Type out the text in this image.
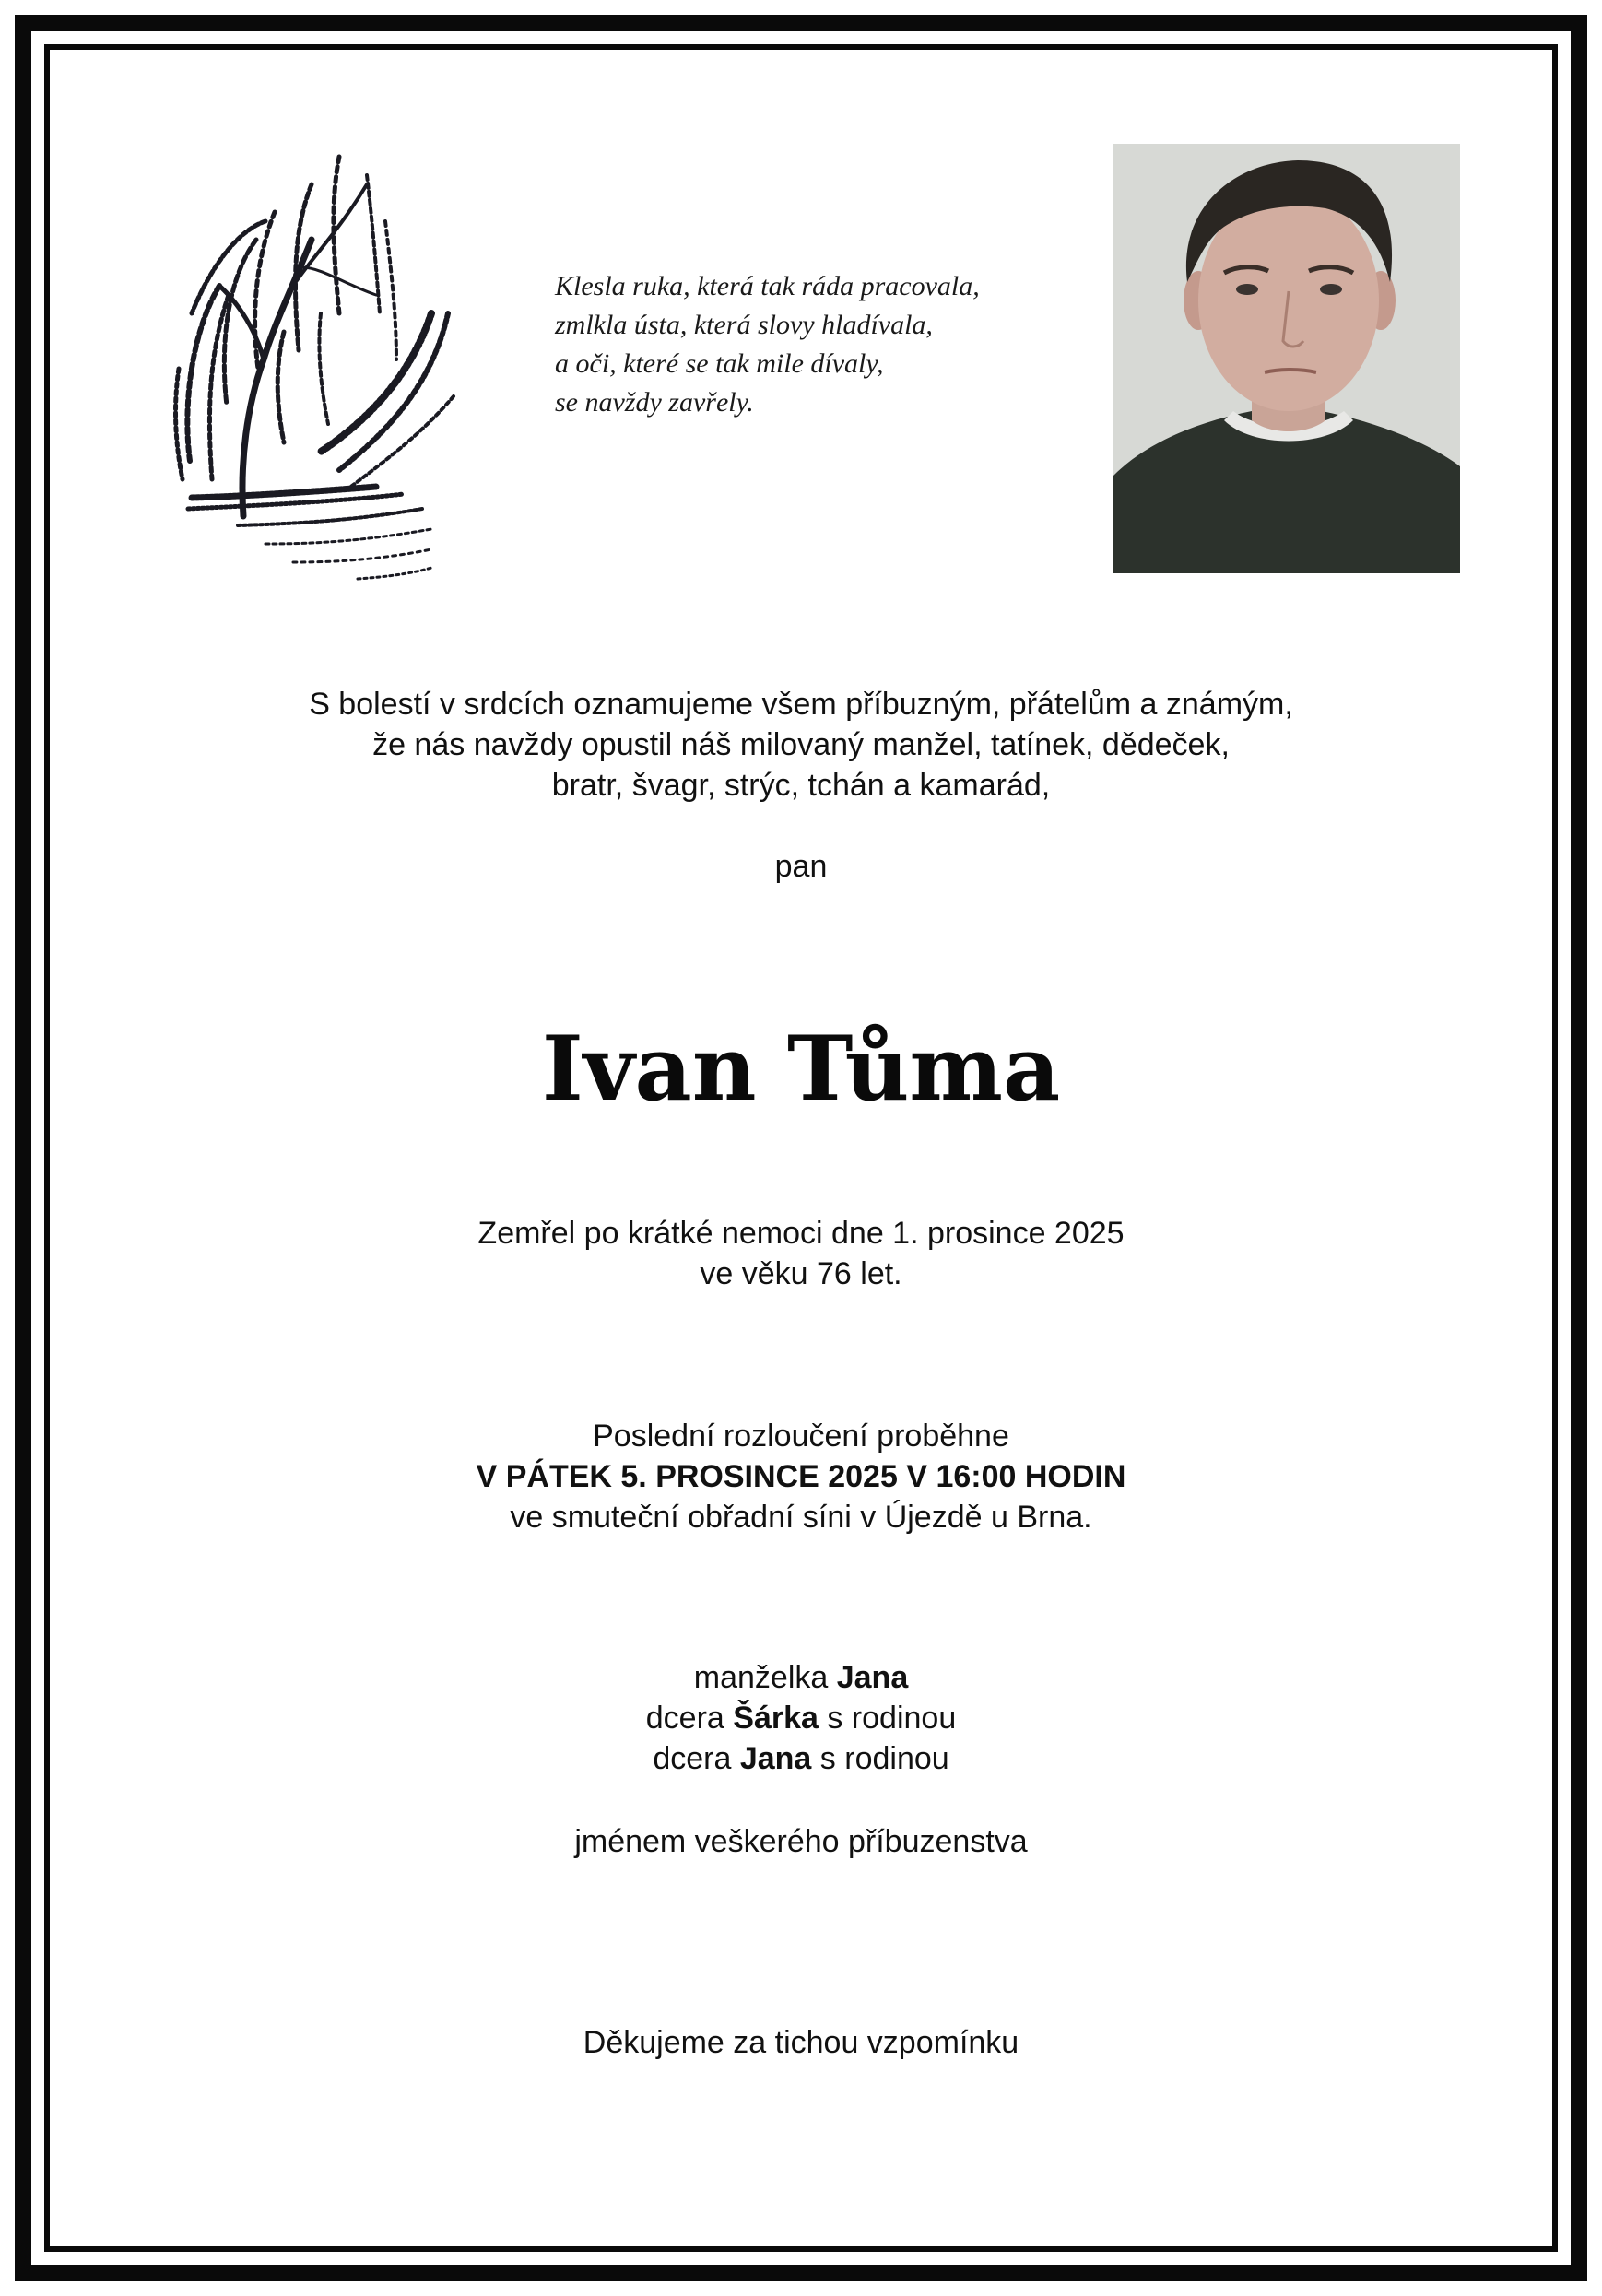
Klesla ruka, která tak ráda pracovala,
zmlkla ústa, která slovy hladívala,
a oči, které se tak mile dívaly,
se navždy zavřely.
S bolestí v srdcích oznamujeme všem příbuzným, přátelům a známým,
že nás navždy opustil náš milovaný manžel, tatínek, dědeček,
bratr, švagr, strýc, tchán a kamarád,
pan
Ivan Tůma
Zemřel po krátké nemoci dne 1. prosince 2025
ve věku 76 let.
Poslední rozloučení proběhne
V PÁTEK 5. PROSINCE 2025 V 16:00 HODIN
ve smuteční obřadní síni v Újezdě u Brna.
manželka Jana
dcera Šárka s rodinou
dcera Jana s rodinou
jménem veškerého příbuzenstva
Děkujeme za tichou vzpomínku
